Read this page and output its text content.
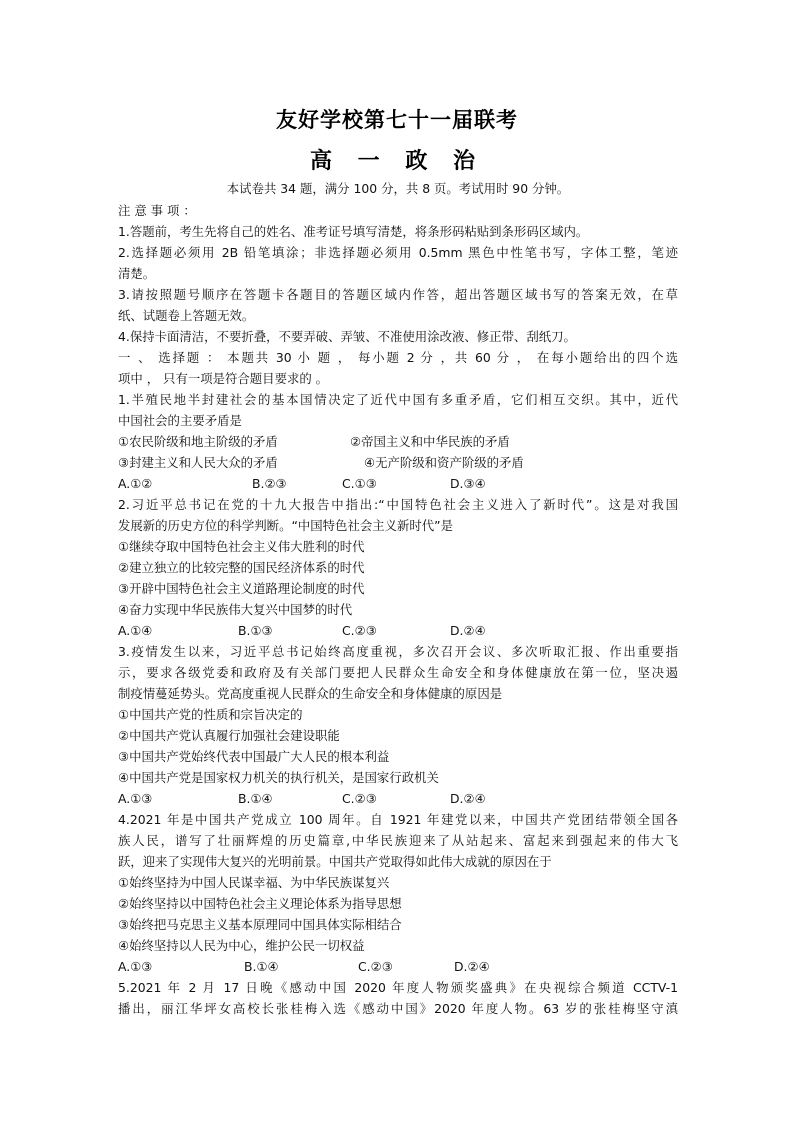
友好学校第七十一届联考
高 一 政 治
本试卷共 34 题，满分 100 分，共 8 页。考试用时 90 分钟。
注 意 事 项 ：
1.答题前，考生先将自己的姓名、准考证号填写清楚，将条形码粘贴到条形码区域内。
2.选择题必须用 2B 铅笔填涂；非选择题必须用 0.5mm 黑色中性笔书写，字体工整，笔迹
清楚。
3.请按照题号顺序在答题卡各题目的答题区域内作答，超出答题区域书写的答案无效，在草
纸、试题卷上答题无效。
4.保持卡面清洁，不要折叠，不要弄破、弄皱、不准使用涂改液、修正带、刮纸刀。
一 、 选择题 ： 本题共 30 小 题 ， 每小题 2 分 ，共 60 分 ， 在每小题给出的四个选
项中 ， 只有一项是符合题目要求的 。
1.半殖民地半封建社会的基本国情决定了近代中国有多重矛盾，它们相互交织。其中，近代
中国社会的主要矛盾是
①农民阶级和地主阶级的矛盾	②帝国主义和中华民族的矛盾
③封建主义和人民大众的矛盾	④无产阶级和资产阶级的矛盾
A.①②	B.②③	C.①③	D.③④
2.习近平总书记在党的十九大报告中指出:“中国特色社会主义进入了新时代”。这是对我国
发展新的历史方位的科学判断。“中国特色社会主义新时代”是
①继续夺取中国特色社会主义伟大胜利的时代
②建立独立的比较完整的国民经济体系的时代
③开辟中国特色社会主义道路理论制度的时代
④奋力实现中华民族伟大复兴中国梦的时代
A.①④	B.①③	C.②③	D.②④
3.疫情发生以来，习近平总书记始终高度重视，多次召开会议、多次听取汇报、作出重要指
示，要求各级党委和政府及有关部门要把人民群众生命安全和身体健康放在第一位，坚决遏
制疫情蔓延势头。党高度重视人民群众的生命安全和身体健康的原因是
①中国共产党的性质和宗旨决定的
②中国共产党认真履行加强社会建设职能
③中国共产党始终代表中国最广大人民的根本利益
④中国共产党是国家权力机关的执行机关，是国家行政机关
A.①③	B.①④	C.②③	D.②④
4.2021 年是中国共产党成立 100 周年。自 1921 年建党以来，中国共产党团结带领全国各
族人民，谱写了壮丽辉煌的历史篇章,中华民族迎来了从站起来、富起来到强起来的伟大飞
跃，迎来了实现伟大复兴的光明前景。中国共产党取得如此伟大成就的原因在于
①始终坚持为中国人民谋幸福、为中华民族谋复兴
②始终坚持以中国特色社会主义理论体系为指导思想
③始终把马克思主义基本原理同中国具体实际相结合
④始终坚持以人民为中心，维护公民一切权益
A.①③	B.①④	C.②③	D.②④
5.2021 年 2 月 17 日晚《感动中国 2020 年度人物颁奖盛典》在央视综合频道 CCTV-1
播出，丽江华坪女高校长张桂梅入选《感动中国》2020 年度人物。63 岁的张桂梅坚守滇
